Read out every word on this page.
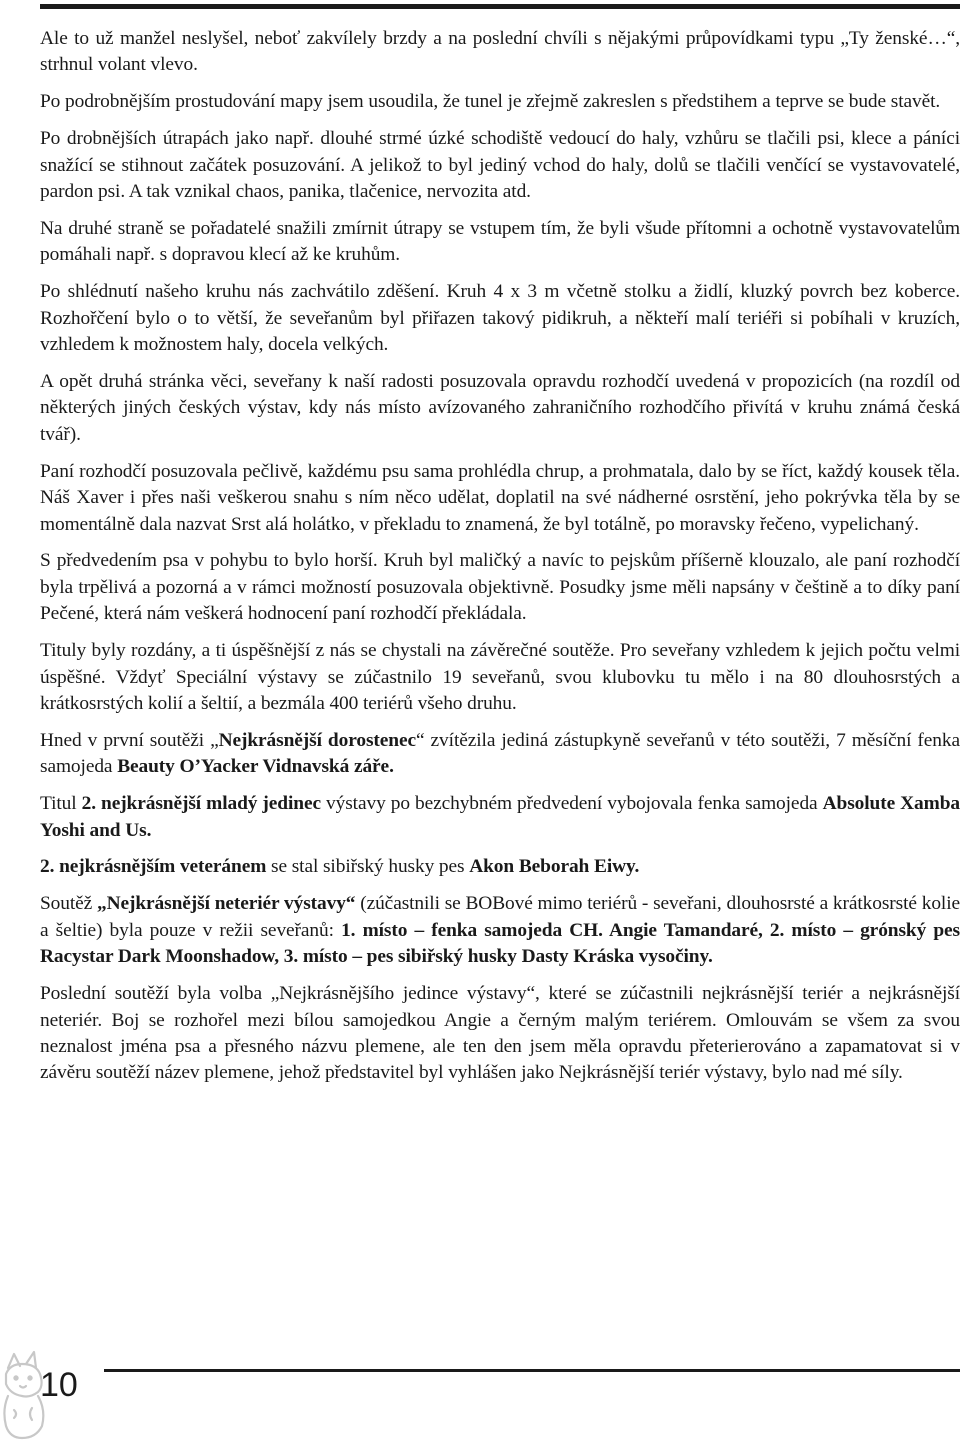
Ale to už manžel neslyšel, neboť zakvílely brzdy a na poslední chvíli s nějakými průpovídkami typu „Ty ženské…“, strhnul volant vlevo.

Po podrobnějším prostudování mapy jsem usoudila, že tunel je zřejmě zakreslen s předstihem a teprve se bude stavět.

Po drobnějších útrapách jako např. dlouhé strmé úzké schodiště vedoucí do haly, vzhůru se tlačili psi, klece a páníci snažící se stihnout začátek posuzování. A jelikož to byl jediný vchod do haly, dolů se tlačili venčící se vystavovatelé, pardon psi. A tak vznikal chaos, panika, tlačenice, nervozita atd.

Na druhé straně se pořadatelé snažili zmírnit útrapy se vstupem tím, že byli všude přítomni a ochotně vystavovatelům pomáhali např. s dopravou klecí až ke kruhům.

Po shlédnutí našeho kruhu nás zachvátilo zděšení. Kruh 4 x 3 m včetně stolku a židlí, kluzký povrch bez koberce. Rozhořčení bylo o to větší, že seveřanům byl přiřazen takový pidikruh, a někteří malí teriéři si pobíhali v kruzích, vzhledem k možnostem haly, docela velkých.

A opět druhá stránka věci, seveřany k naší radosti posuzovala opravdu rozhodčí uvedená v propozicích (na rozdíl od některých jiných českých výstav, kdy nás místo avízovaného zahraničního rozhodčího přivítá v kruhu známá česká tvář).

Paní rozhodčí posuzovala pečlivě, každému psu sama prohlédla chrup, a prohmatala, dalo by se říct, každý kousek těla. Náš Xaver i přes naši veškerou snahu s ním něco udělat, doplatil na své nádherné osrstění, jeho pokrývka těla by se momentálně dala nazvat Srst alá holátko, v překladu to znamená, že byl totálně, po moravsky řečeno, vypelichaný.

S předvedením psa v pohybu to bylo horší. Kruh byl maličký a navíc to pejskům příšerně klouzalo, ale paní rozhodčí byla trpělivá a pozorná a v rámci možností posuzovala objektivně. Posudky jsme měli napsány v češtině a to díky paní Pečené, která nám veškerá hodnocení paní rozhodčí překládala.

Tituly byly rozdány, a ti úspěšnější z nás se chystali na závěrečné soutěže. Pro seveřany vzhledem k jejich počtu velmi úspěšné. Vždyť Speciální výstavy se zúčastnilo 19 seveřanů, svou klubovku tu mělo i na 80 dlouhosrstých a krátkosrstých kolií a šeltií, a bezmála 400 teriérů všeho druhu.

Hned v první soutěži „Nejkrásnější dorostenec“ zvítězila jediná zástupkyně seveřanů v této soutěži, 7 měsíční fenka samojeda Beauty O’Yacker Vidnavská záře.

Titul 2. nejkrásnější mladý jedinec výstavy po bezchybném předvedení vybojovala fenka samojeda Absolute Xamba Yoshi and Us.

2. nejkrásnějším veteránem se stal sibiřský husky pes Akon Beborah Eiwy.

Soutěž „Nejkrásnější neteriér výstavy“ (zúčastnili se BOBové mimo teriérů - seveřani, dlouhosrsté a krátkosrsté kolie a šeltie) byla pouze v režii seveřanů: 1. místo – fenka samojeda CH. Angie Tamandaré, 2. místo – grónský pes Racystar Dark Moonshadow, 3. místo – pes sibiřský husky Dasty Kráska vysočiny.

Poslední soutěží byla volba „Nejkrásnějšího jedince výstavy“, které se zúčastnili nejkrásnější teriér a nejkrásnější neteriér. Boj se rozhořel mezi bílou samojedkou Angie a černým malým teriérem. Omlouvám se všem za svou neznalost jména psa a přesného názvu plemene, ale ten den jsem měla opravdu přeterierováno a zapamatovat si v závěru soutěží název plemene, jehož představitel byl vyhlášen jako Nejkrásnější teriér výstavy, bylo nad mé síly.

10
